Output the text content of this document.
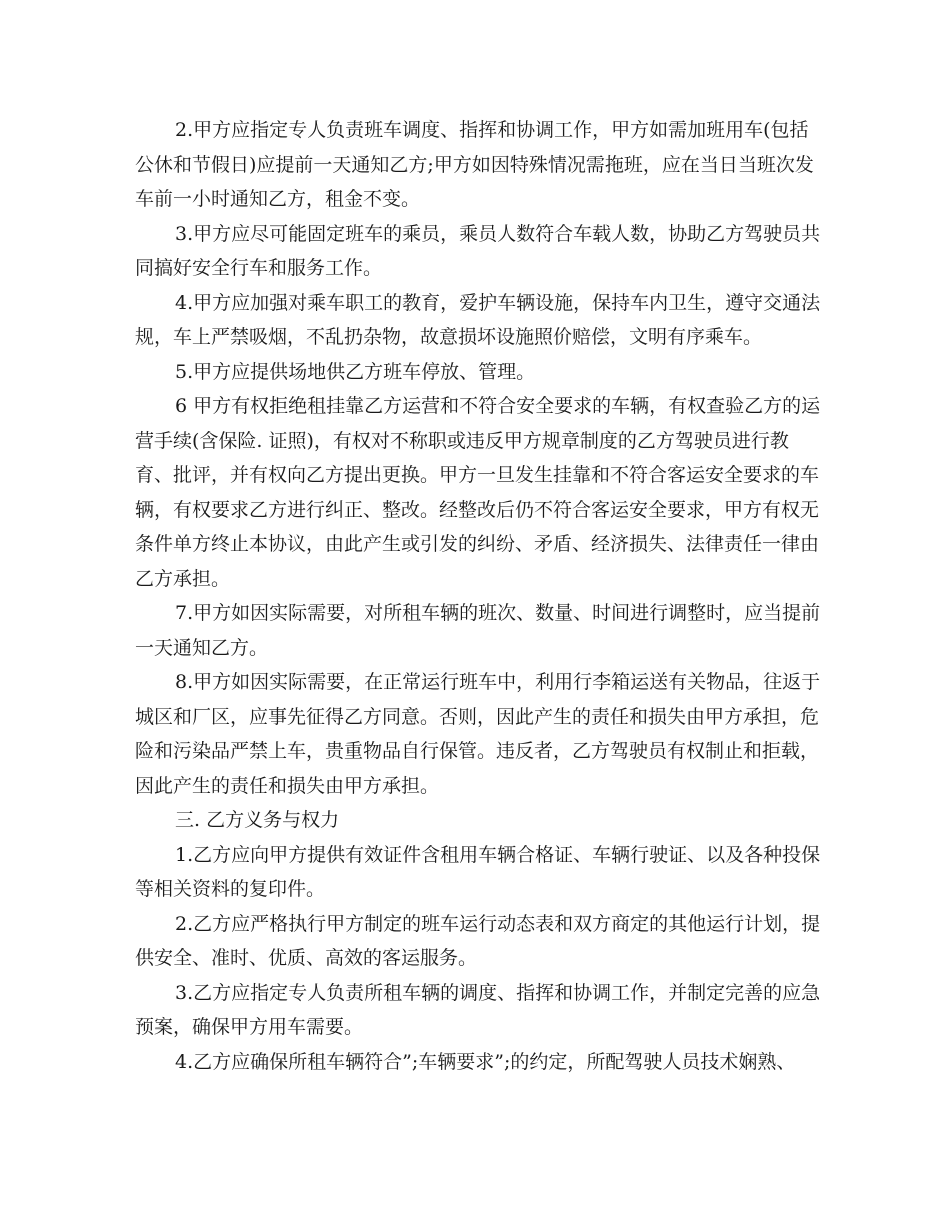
2.甲方应指定专人负责班车调度、指挥和协调工作，甲方如需加班用车(包括公休和节假日)应提前一天通知乙方;甲方如因特殊情况需拖班，应在当日当班次发车前一小时通知乙方，租金不变。

3.甲方应尽可能固定班车的乘员，乘员人数符合车载人数，协助乙方驾驶员共同搞好安全行车和服务工作。

4.甲方应加强对乘车职工的教育，爱护车辆设施，保持车内卫生，遵守交通法规，车上严禁吸烟，不乱扔杂物，故意损坏设施照价赔偿，文明有序乘车。

5.甲方应提供场地供乙方班车停放、管理。

6 甲方有权拒绝租挂靠乙方运营和不符合安全要求的车辆，有权查验乙方的运营手续(含保险. 证照)，有权对不称职或违反甲方规章制度的乙方驾驶员进行教育、批评，并有权向乙方提出更换。甲方一旦发生挂靠和不符合客运安全要求的车辆，有权要求乙方进行纠正、整改。经整改后仍不符合客运安全要求，甲方有权无条件单方终止本协议，由此产生或引发的纠纷、矛盾、经济损失、法律责任一律由乙方承担。

7.甲方如因实际需要，对所租车辆的班次、数量、时间进行调整时，应当提前一天通知乙方。

8.甲方如因实际需要，在正常运行班车中，利用行李箱运送有关物品，往返于城区和厂区，应事先征得乙方同意。否则，因此产生的责任和损失由甲方承担，危险和污染品严禁上车，贵重物品自行保管。违反者，乙方驾驶员有权制止和拒载，因此产生的责任和损失由甲方承担。

三. 乙方义务与权力

1.乙方应向甲方提供有效证件含租用车辆合格证、车辆行驶证、以及各种投保等相关资料的复印件。

2.乙方应严格执行甲方制定的班车运行动态表和双方商定的其他运行计划，提供安全、准时、优质、高效的客运服务。

3.乙方应指定专人负责所租车辆的调度、指挥和协调工作，并制定完善的应急预案，确保甲方用车需要。

4.乙方应确保所租车辆符合”;车辆要求”;的约定，所配驾驶人员技术娴熟、
